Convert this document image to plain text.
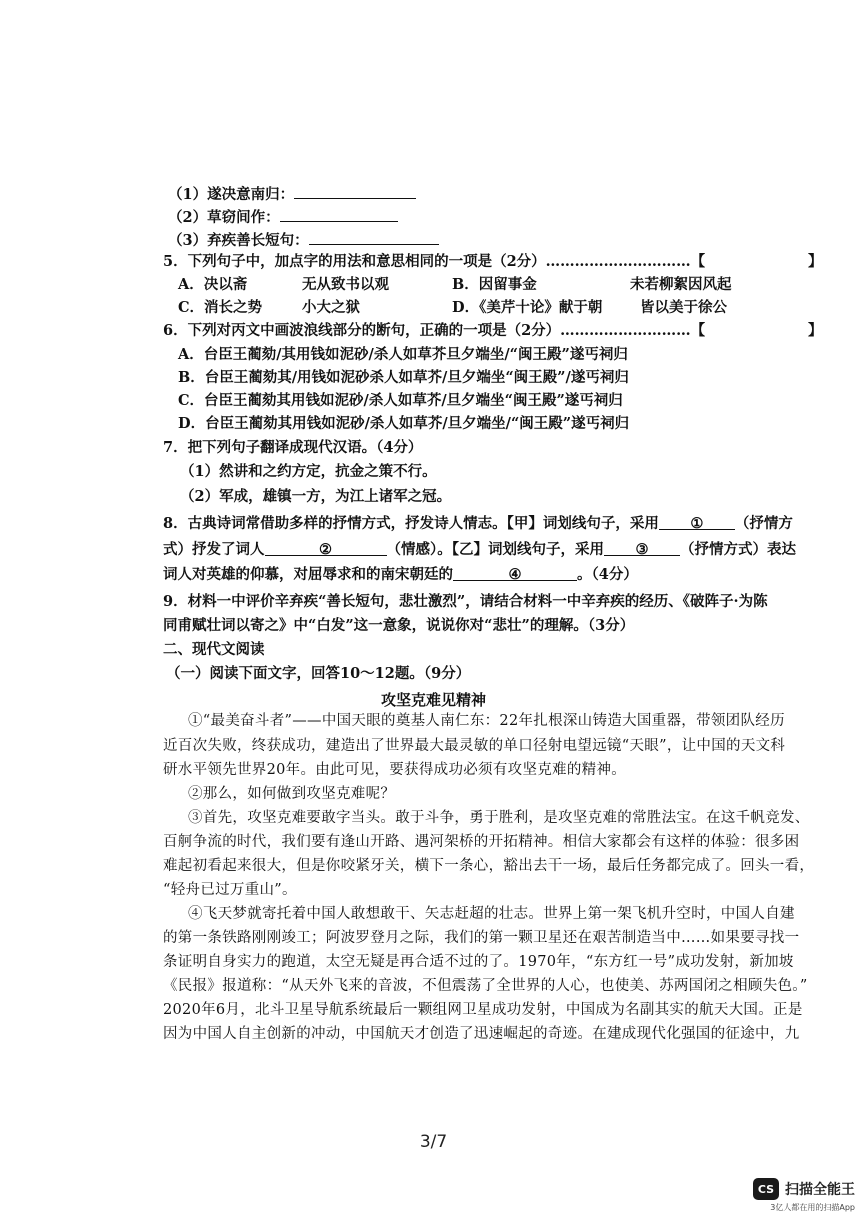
（1）遂决意南归：
（2）草窃间作：
（3）弃疾善长短句：
5．下列句子中，加点字的用法和意思相同的一项是（2分）…………………………【	】
A．决以斋	无从致书以观	B．因留事金	未若柳絮因风起
C．消长之势	小大之狱	D．《美芹十论》献于朝	皆以美于徐公
6．下列对丙文中画波浪线部分的断句，正确的一项是（2分）………………………【	】
A．台臣王蔺劾/其用钱如泥砂/杀人如草芥旦夕端坐/“闽王殿”遂丐祠归
B．台臣王蔺劾其/用钱如泥砂杀人如草芥/旦夕端坐“闽王殿”/遂丐祠归
C．台臣王蔺劾其用钱如泥砂/杀人如草芥/旦夕端坐“闽王殿”遂丐祠归
D．台臣王蔺劾其用钱如泥砂/杀人如草芥/旦夕端坐/“闽王殿”遂丐祠归
7．把下列句子翻译成现代汉语。（4分）
（1）然讲和之约方定，抗金之策不行。
（2）军成，雄镇一方，为江上诸军之冠。
8．古典诗词常借助多样的抒情方式，抒发诗人情志。【甲】词划线句子，采用 ① （抒情方
式）抒发了词人	②	（情感）。【乙】词划线句子，采用 ③ （抒情方式）表达
词人对英雄的仰慕，对屈辱求和的南宋朝廷的	④	。（4分）
9．材料一中评价辛弃疾“善长短句，悲壮激烈”，请结合材料一中辛弃疾的经历、《破阵子·为陈
同甫赋壮词以寄之》中“白发”这一意象，说说你对“悲壮”的理解。（3分）
二、现代文阅读
（一）阅读下面文字，回答10～12题。（9分）
攻坚克难见精神
①“最美奋斗者”——中国天眼的奠基人南仁东：22年扎根深山铸造大国重器，带领团队经历
近百次失败，终获成功，建造出了世界最大最灵敏的单口径射电望远镜“天眼”，让中国的天文科
研水平领先世界20年。由此可见，要获得成功必须有攻坚克难的精神。
②那么，如何做到攻坚克难呢？
③首先，攻坚克难要敢字当头。敢于斗争，勇于胜利，是攻坚克难的常胜法宝。在这千帆竞发、
百舸争流的时代，我们要有逢山开路、遇河架桥的开拓精神。相信大家都会有这样的体验：很多困
难起初看起来很大，但是你咬紧牙关，横下一条心，豁出去干一场，最后任务都完成了。回头一看，
“轻舟已过万重山”。
④飞天梦就寄托着中国人敢想敢干、矢志赶超的壮志。世界上第一架飞机升空时，中国人自建
的第一条铁路刚刚竣工；阿波罗登月之际，我们的第一颗卫星还在艰苦制造当中……如果要寻找一
条证明自身实力的跑道，太空无疑是再合适不过的了。1970年，“东方红一号”成功发射，新加坡
《民报》报道称：“从天外飞来的音波，不但震荡了全世界的人心，也使美、苏两国闭之相顾失色。”
2020年6月，北斗卫星导航系统最后一颗组网卫星成功发射，中国成为名副其实的航天大国。正是
因为中国人自主创新的冲动，中国航天才创造了迅速崛起的奇迹。在建成现代化强国的征途中，九
3/7
CS 扫描全能王
3亿人都在用的扫描App
